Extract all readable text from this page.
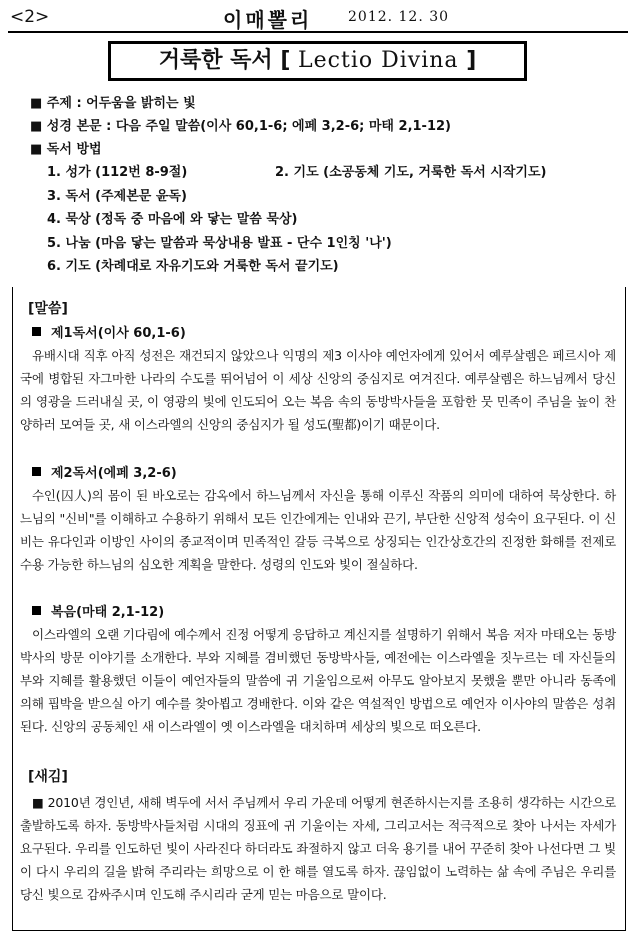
<2>	이매뽈리	2012. 12. 30
거룩한 독서 [ Lectio Divina ]
■ 주제 : 어두움을 밝히는 빛
■ 성경 본문 : 다음 주일 말씀(이사 60,1-6; 에페 3,2-6; 마태 2,1-12)
■ 독서 방법
1. 성가 (112번 8-9절)	2. 기도 (소공동체 기도, 거룩한 독서 시작기도)
3. 독서 (주제본문 윤독)
4. 묵상 (정독 중 마음에 와 닿는 말씀 묵상)
5. 나눔 (마음 닿는 말씀과 묵상내용 발표 - 단수 1인칭 '나')
6. 기도 (차례대로 자유기도와 거룩한 독서 끝기도)
[말씀]
제1독서(이사 60,1-6)
유배시대 직후 아직 성전은 재건되지 않았으나 익명의 제3 이사야 예언자에게 있어서 예루살렘은 페르시아 제국에 병합된 자그마한 나라의 수도를 뛰어넘어 이 세상 신앙의 중심지로 여겨진다. 예루살렘은 하느님께서 당신의 영광을 드러내실 곳, 이 영광의 빛에 인도되어 오는 복음 속의 동방박사들을 포함한 뭇 민족이 주님을 높이 찬양하러 모여들 곳, 새 이스라엘의 신앙의 중심지가 될 성도(聖都)이기 때문이다.
제2독서(에페 3,2-6)
수인(囚人)의 몸이 된 바오로는 감옥에서 하느님께서 자신을 통해 이루신 작품의 의미에 대하여 묵상한다. 하느님의 "신비"를 이해하고 수용하기 위해서 모든 인간에게는 인내와 끈기, 부단한 신앙적 성숙이 요구된다. 이 신비는 유다인과 이방인 사이의 종교적이며 민족적인 갈등 극복으로 상징되는 인간상호간의 진정한 화해를 전제로 수용 가능한 하느님의 심오한 계획을 말한다. 성령의 인도와 빛이 절실하다.
복음(마태 2,1-12)
이스라엘의 오랜 기다림에 예수께서 진정 어떻게 응답하고 계신지를 설명하기 위해서 복음 저자 마태오는 동방박사의 방문 이야기를 소개한다. 부와 지혜를 겸비했던 동방박사들, 예전에는 이스라엘을 짓누르는 데 자신들의 부와 지혜를 활용했던 이들이 예언자들의 말씀에 귀 기울임으로써 아무도 알아보지 못했을 뿐만 아니라 동족에 의해 핍박을 받으실 아기 예수를 찾아뵙고 경배한다. 이와 같은 역설적인 방법으로 예언자 이사야의 말씀은 성취된다. 신앙의 공동체인 새 이스라엘이 옛 이스라엘을 대치하며 세상의 빛으로 떠오른다.
[새김]
■ 2010년 경인년, 새해 벽두에 서서 주님께서 우리 가운데 어떻게 현존하시는지를 조용히 생각하는 시간으로 출발하도록 하자. 동방박사들처럼 시대의 징표에 귀 기울이는 자세, 그리고서는 적극적으로 찾아 나서는 자세가 요구된다. 우리를 인도하던 빛이 사라진다 하더라도 좌절하지 않고 더욱 용기를 내어 꾸준히 찾아 나선다면 그 빛이 다시 우리의 길을 밝혀 주리라는 희망으로 이 한 해를 열도록 하자. 끊임없이 노력하는 삶 속에 주님은 우리를 당신 빛으로 감싸주시며 인도해 주시리라 굳게 믿는 마음으로 말이다.
